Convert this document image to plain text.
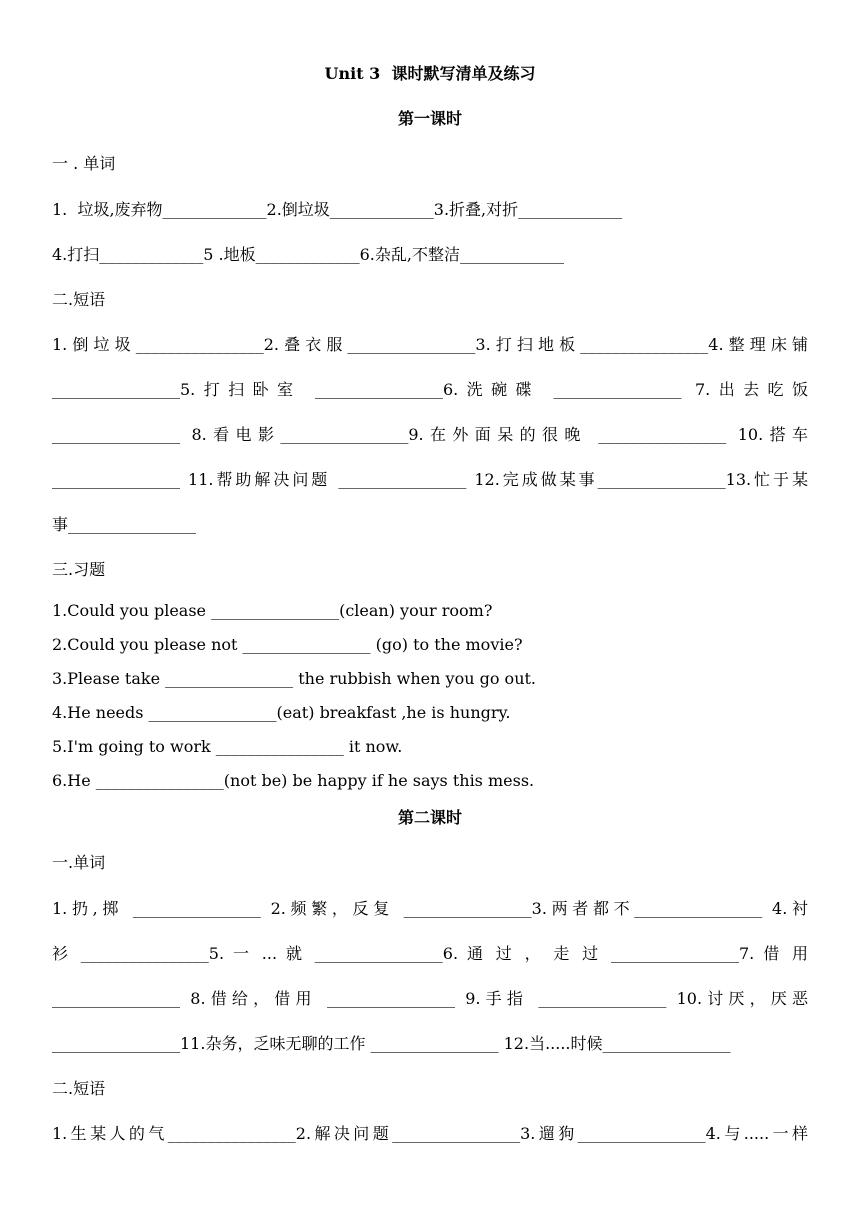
Unit 3  课时默写清单及练习
第一课时
一 . 单词
1.  垃圾,废弃物_____________2.倒垃圾_____________3.折叠,对折_____________
4.打扫_____________5 .地板_____________6.杂乱,不整洁_____________
二.短语
1.倒垃圾________________2.叠衣服________________3.打扫地板________________4.整理床铺
________________5.打扫卧室 ________________6.洗碗碟 ________________ 7.出去吃饭
________________ 8.看电影________________9.在外面呆的很晚 ________________ 10.搭车
________________ 11.帮助解决问题 ________________ 12.完成做某事________________13.忙于某
事________________
三.习题
1.Could you please ________________(clean) your room?
2.Could you please not ________________ (go) to the movie?
3.Please take ________________ the rubbish when you go out.
4.He needs ________________(eat) breakfast ,he is hungry.
5.I'm going to work ________________ it now.
6.He ________________(not be) be happy if he says this mess.
第二课时
一.单词
1.扔,掷 ________________ 2.频繁，反复 ________________3.两者都不________________ 4.衬
衫 ________________5. 一 ... 就 ________________6. 通 过 ， 走 过 ________________7. 借 用
________________ 8.借给，借用 ________________ 9.手指 ________________ 10.讨厌，厌恶
________________11.杂务，乏味无聊的工作 ________________ 12.当.....时候________________
二.短语
1.生某人的气________________2.解决问题________________3.遛狗________________4.与.....一样
